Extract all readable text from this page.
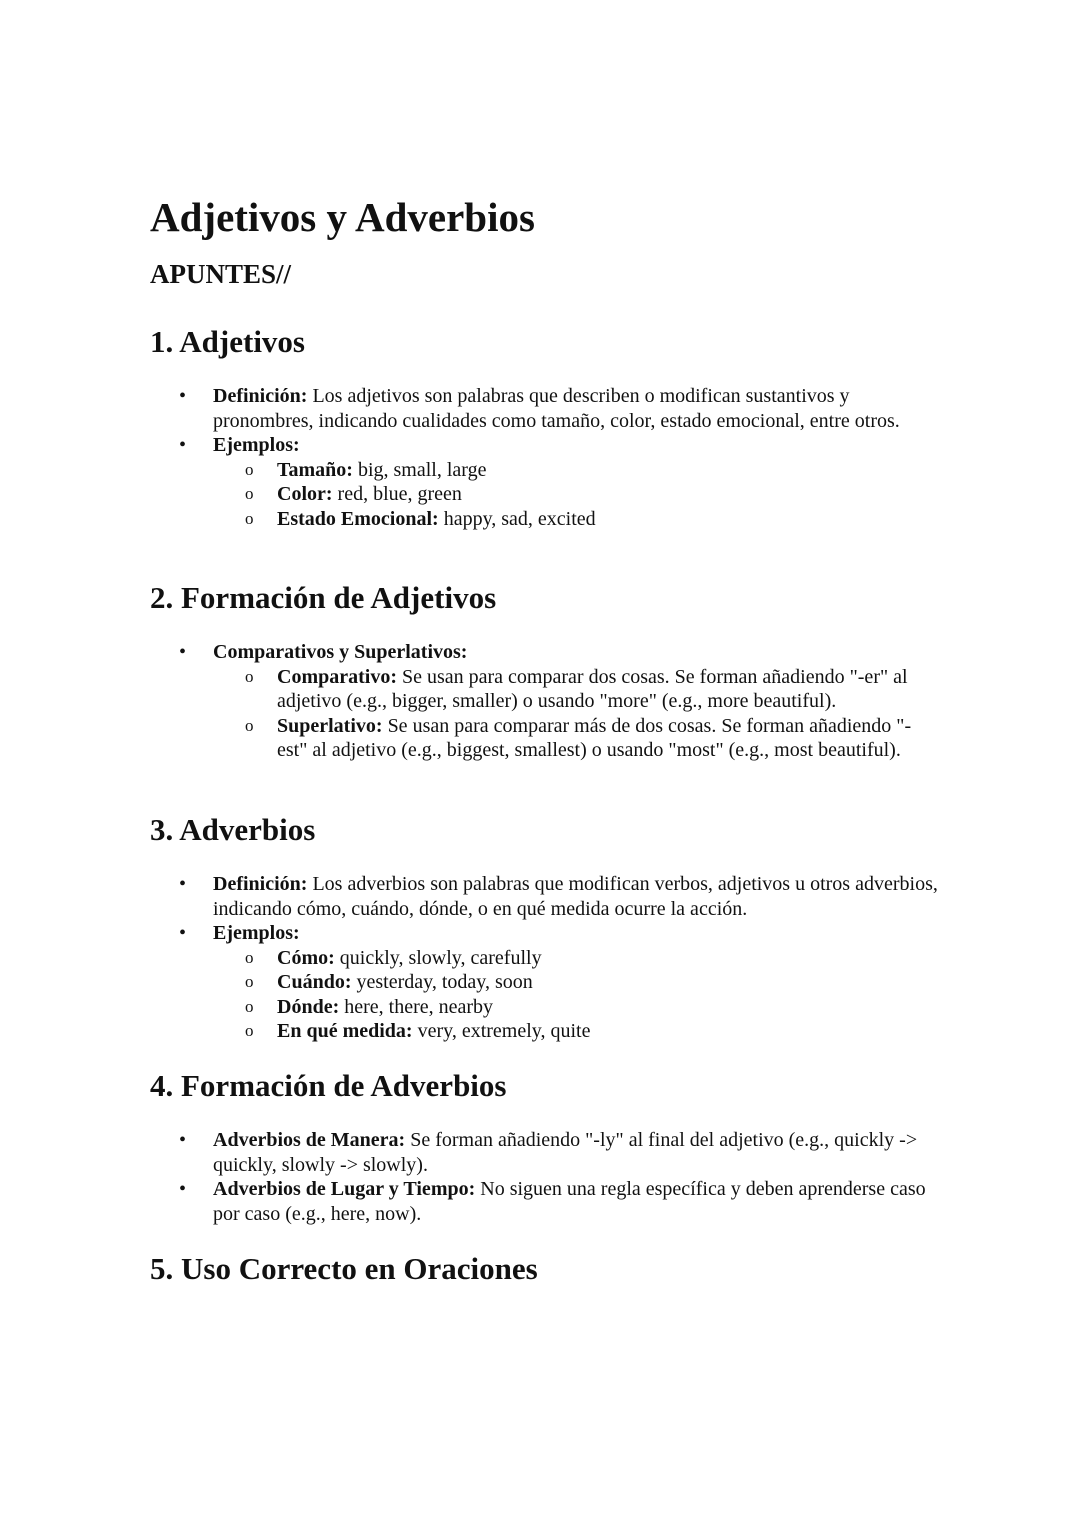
Adjetivos y Adverbios
APUNTES//
1. Adjetivos
• Definición: Los adjetivos son palabras que describen o modifican sustantivos y pronombres, indicando cualidades como tamaño, color, estado emocional, entre otros.
• Ejemplos:
o Tamaño: big, small, large
o Color: red, blue, green
o Estado Emocional: happy, sad, excited
2. Formación de Adjetivos
• Comparativos y Superlativos:
o Comparativo: Se usan para comparar dos cosas. Se forman añadiendo "-er" al adjetivo (e.g., bigger, smaller) o usando "more" (e.g., more beautiful).
o Superlativo: Se usan para comparar más de dos cosas. Se forman añadiendo "-est" al adjetivo (e.g., biggest, smallest) o usando "most" (e.g., most beautiful).
3. Adverbios
• Definición: Los adverbios son palabras que modifican verbos, adjetivos u otros adverbios, indicando cómo, cuándo, dónde, o en qué medida ocurre la acción.
• Ejemplos:
o Cómo: quickly, slowly, carefully
o Cuándo: yesterday, today, soon
o Dónde: here, there, nearby
o En qué medida: very, extremely, quite
4. Formación de Adverbios
• Adverbios de Manera: Se forman añadiendo "-ly" al final del adjetivo (e.g., quickly -> quickly, slowly -> slowly).
• Adverbios de Lugar y Tiempo: No siguen una regla específica y deben aprenderse caso por caso (e.g., here, now).
5. Uso Correcto en Oraciones
